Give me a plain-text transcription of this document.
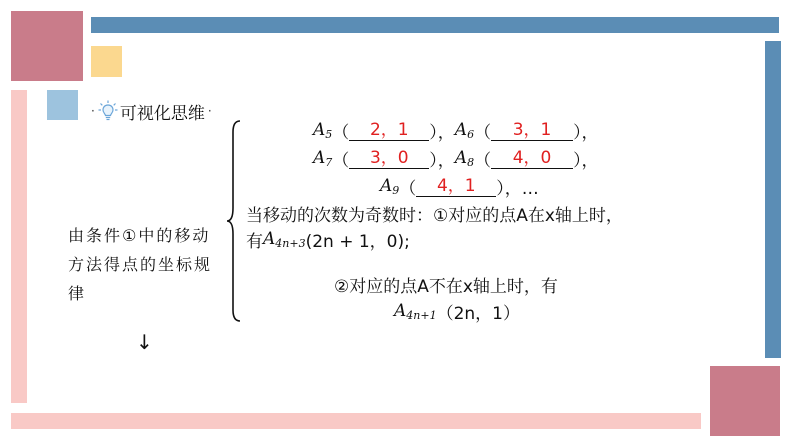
· 可视化思维 ·
由条件①中的移动方法得点的坐标规律
↓
$A_5$ （	2，1	）， $A_6$ （	3，1	），
$A_7$ （	3，0	）， $A_8$ （	4，0	），
$A_9$ （	4，1	），…
当移动的次数为奇数时：①对应的点A在x轴上时，
有 $A_{4n+3}$ (2n + 1，0);
②对应的点A不在x轴上时，有
$A_{4n+1}$ （2n，1）
